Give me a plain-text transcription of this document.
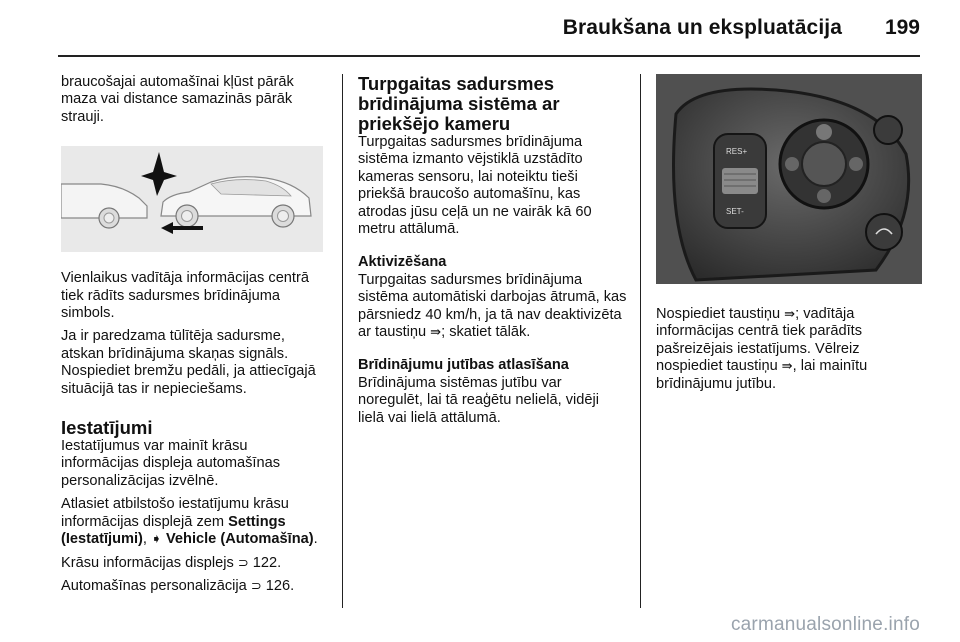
Braukšana un ekspluatācija 199

braucošajai automašīnai kļūst pārāk maza vai distance samazinās pārāk strauji.

Vienlaikus vadītāja informācijas centrā tiek rādīts sadursmes brīdinājuma simbols.

Ja ir paredzama tūlītēja sadursme, atskan brīdinājuma skaņas signāls. Nospiediet bremžu pedāli, ja attiecīgajā situācijā tas ir nepieciešams.

Iestatījumi

Iestatījumus var mainīt krāsu informācijas displeja automašīnas personalizācijas izvēlnē.

Atlasiet atbilstošo iestatījumu krāsu informācijas displejā zem Settings (Iestatījumi), ➧ Vehicle (Automašīna).

Krāsu informācijas displejs ⊃ 122.

Automašīnas personalizācija ⊃ 126.

Turpgaitas sadursmes brīdinājuma sistēma ar priekšējo kameru

Turpgaitas sadursmes brīdinājuma sistēma izmanto vējstiklā uzstādīto kameras sensoru, lai noteiktu tieši priekšā braucošo automašīnu, kas atrodas jūsu ceļā un ne vairāk kā 60 metru attālumā.

Aktivizēšana

Turpgaitas sadursmes brīdinājuma sistēma automātiski darbojas ātrumā, kas pārsniedz 40 km/h, ja tā nav deaktivizēta ar taustiņu ⇛; skatiet tālāk.

Brīdinājumu jutības atlasīšana

Brīdinājuma sistēmas jutību var noregulēt, lai tā reaģētu nelielā, vidēji lielā vai lielā attālumā.

RES+
SET-

Nospiediet taustiņu ⇛; vadītāja informācijas centrā tiek parādīts pašreizējais iestatījums. Vēlreiz nospiediet taustiņu ⇛, lai mainītu brīdinājumu jutību.

carmanualsonline.info
